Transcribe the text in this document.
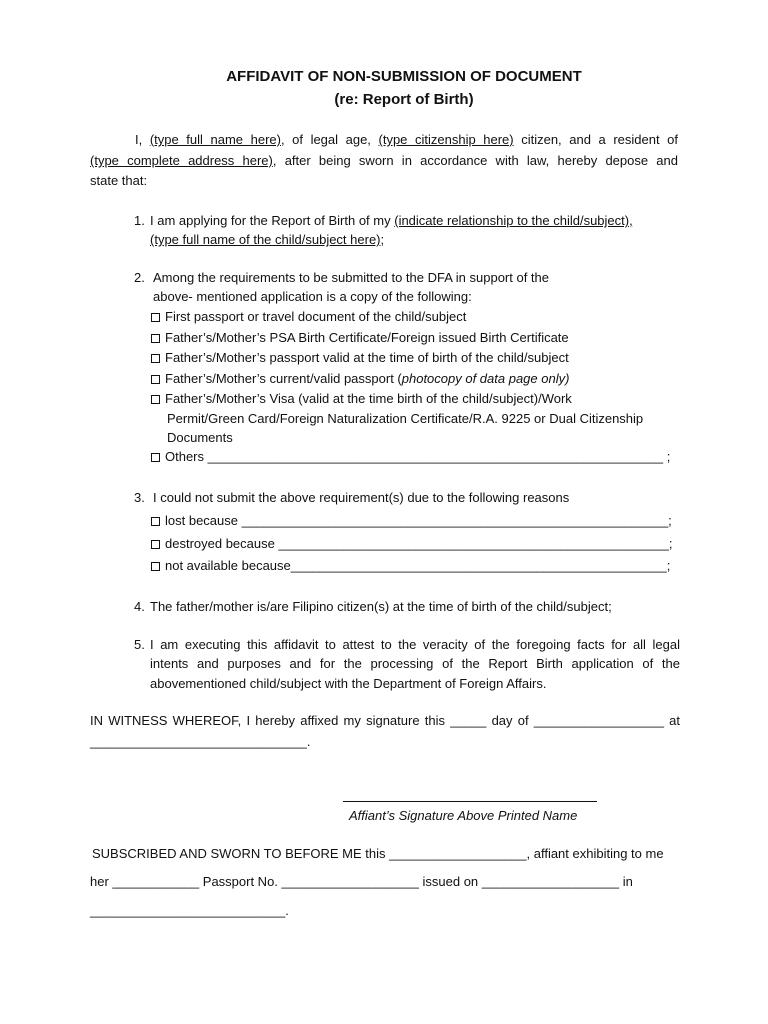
AFFIDAVIT OF NON-SUBMISSION OF DOCUMENT
(re: Report of Birth)
I, (type full name here), of legal age, (type citizenship here) citizen, and a resident of
(type complete address here), after being sworn in accordance with law, hereby depose and
state that:
1. I am applying for the Report of Birth of my (indicate relationship to the child/subject),
(type full name of the child/subject here);
2. Among the requirements to be submitted to the DFA in support of the
above- mentioned application is a copy of the following:
First passport or travel document of the child/subject
Father’s/Mother’s PSA Birth Certificate/Foreign issued Birth Certificate
Father’s/Mother’s passport valid at the time of birth of the child/subject
Father’s/Mother’s current/valid passport (photocopy of data page only)
Father’s/Mother’s Visa (valid at the time birth of the child/subject)/Work
Permit/Green Card/Foreign Naturalization Certificate/R.A. 9225 or Dual Citizenship
Documents
Others _______________________________________________________________ ;
3. I could not submit the above requirement(s) due to the following reasons
lost because ___________________________________________________________;
destroyed because ______________________________________________________;
not available because____________________________________________________;
4. The father/mother is/are Filipino citizen(s) at the time of birth of the child/subject;
5. I am executing this affidavit to attest to the veracity of the foregoing facts for all legal
intents and purposes and for the processing of the Report Birth application of the
abovementioned child/subject with the Department of Foreign Affairs.
IN WITNESS WHEREOF, I hereby affixed my signature this _____ day of __________________ at
______________________________.
Affiant’s Signature Above Printed Name
SUBSCRIBED AND SWORN TO BEFORE ME this ___________________, affiant exhibiting to me
her ____________ Passport No. ___________________ issued on ___________________ in
___________________________.
